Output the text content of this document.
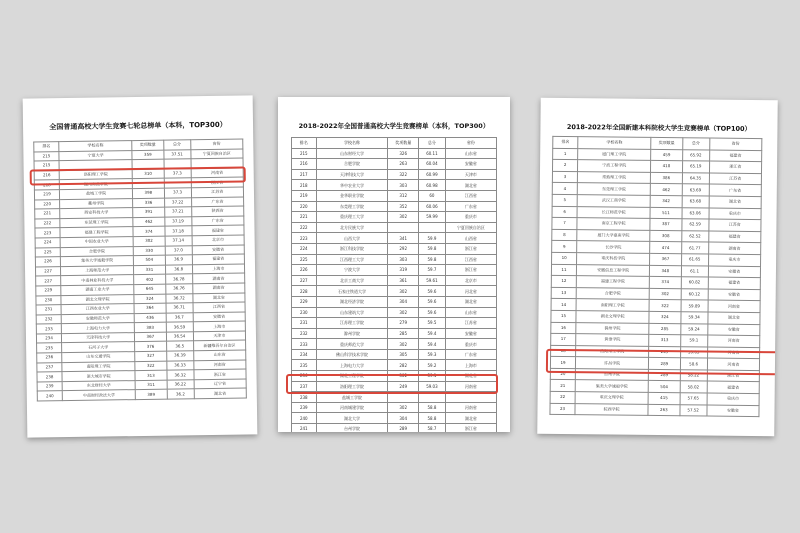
全国普通高校大学生竞赛七轮总榜单（本科，TOP300）
排名	学校名称	奖项数量	总分	省份
215	宁夏大学	359	37.51	宁夏回族自治区
215				
216	洛阳理工学院	310	37.3	河南省
218	湖州师范学院			浙江省
219	盐城工学院	398	37.3	江苏省
220	衢州学院	336	37.22	广东省
221	西安科技大学	391	37.21	陕西省
222	东莞理工学院	462	37.19	广东省
223	福建工程学院	374	37.18	福建省
224	中国农业大学	302	37.14	北京市
225	合肥学院	330	37.0	安徽省
226	集美大学诚毅学院	504	36.9	福建省
227	上海师范大学	331	36.8	上海市
227	中南林业科技大学	402	36.78	湖南省
229	湖南工业大学	645	36.76	湖南省
230	湖北文理学院	324	36.72	湖北省
231	江西农业大学	364	36.71	江西省
232	安徽师范大学	436	36.7	安徽省
233	上海电力大学	383	36.59	上海市
234	天津科技大学	367	36.54	天津市
235	石河子大学	376	36.5	新疆维吾尔自治区
236	山东交通学院	327	36.39	山东省
237	南阳理工学院	322	36.33	河南省
238	浙大城市学院	313	36.32	浙江省
239	东北财经大学	311	36.22	辽宁省
240	中南财经政法大学	389	36.2	湖北省
2018-2022年全国普通高校大学生竞赛榜单（本科，TOP300）
排名	学校名称	奖项数量	总分	省份
215	山东财经大学	326	60.11	山东省
216	合肥学院	263	60.04	安徽省
217	天津科技大学	322	60.99	天津市
218	华中农业大学	303	60.98	湖北省
219	金华职业学院	312	60	江西省
220	东莞理工学院	352	60.06	广东省
221	重庆理工大学	302	59.99	重庆市
222	北方民族大学			宁夏回族自治区
223	山西大学	341	59.9	山西省
224	浙江科技学院	292	59.8	浙江省
225	江西理工大学	303	59.8	江西省
226	宁波大学	319	59.7	浙江省
227	北京工商大学	361	59.61	北京市
228	石家庄铁道大学	302	59.6	河北省
229	湖北经济学院	304	59.6	湖北省
230	山东建筑大学	302	59.6	山东省
231	江苏理工学院	279	59.5	江苏省
232	滁州学院	285	59.4	安徽省
233	重庆师范大学	302	59.4	重庆市
234	佛山科学技术学院	305	59.3	广东省
235	上海电力大学	282	59.2	上海市
236	湖北工程学院	302	59.1	湖北省
237	洛阳理工学院	249	59.03	河南省
238	盐城工学院			
239	河南城建学院	302	58.8	河南省
240	湖北大学	304	58.8	湖北省
241	台州学院	289	58.7	浙江省
2018-2022年全国新建本科院校大学生竞赛榜单（TOP100）
排名	学校名称	奖项数量	总分	省份
1	厦门理工学院	459	65.92	福建省
2	宁波工程学院	418	65.19	浙江省
3	常熟理工学院	386	64.35	江苏省
4	东莞理工学院	462	63.69	广东省
5	武汉工商学院	342	63.68	湖北省
6	长江师范学院	511	63.06	重庆市
7	南京工程学院	387	62.59	江苏省
8	厦门大学嘉庚学院	308	62.52	福建省
9	长沙学院	474	61.77	湖南省
10	重庆科技学院	367	61.65	重庆市
11	安徽信息工程学院	348	61.1	安徽省
12	福建工程学院	374	60.82	福建省
13	合肥学院	302	60.12	安徽省
14	南阳理工学院	322	59.89	河南省
15	湖北文理学院	324	59.34	湖北省
16	滁州学院	285	59.24	安徽省
17	黄淮学院	313	59.1	河南省
18	洛阳理工学院	249	59.03	河南省
19	许昌学院	289	58.6	河南省
20	台州学院	289	58.22	浙江省
21	集美大学诚毅学院	504	58.02	福建省
22	重庆文理学院	415	57.65	重庆市
23	皖西学院	263	57.52	安徽省
